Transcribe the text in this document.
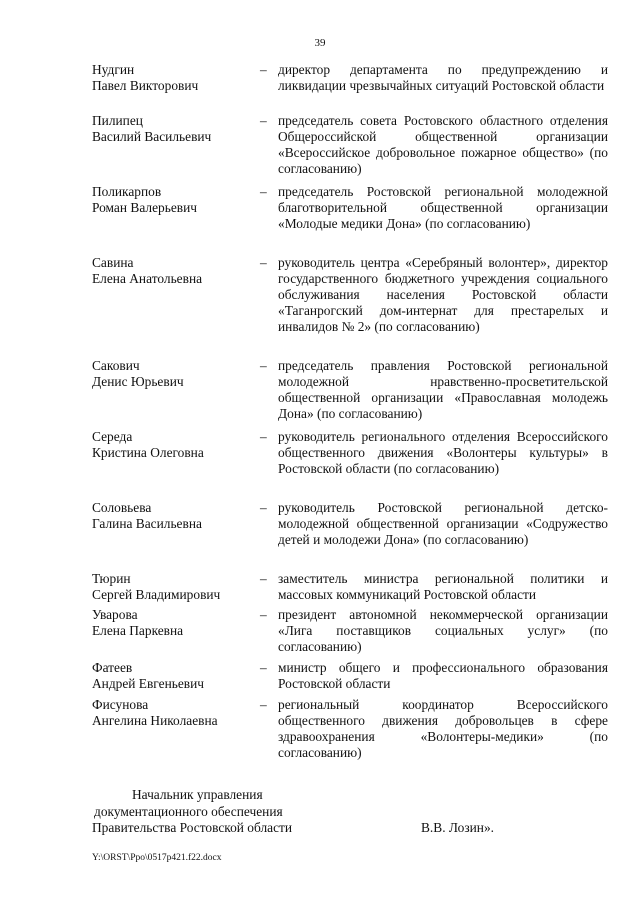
39
Нудгин
Павел Викторович
– директор департамента по предупреждению и ликвидации чрезвычайных ситуаций Ростовской области
Пилипец
Василий Васильевич
– председатель совета Ростовского областного отделения Общероссийской общественной организации «Всероссийское добровольное пожарное общество» (по согласованию)
Поликарпов
Роман Валерьевич
– председатель Ростовской региональной молодежной благотворительной общественной организации «Молодые медики Дона» (по согласованию)
Савина
Елена Анатольевна
– руководитель центра «Серебряный волонтер», директор государственного бюджетного учреждения социального обслуживания населения Ростовской области «Таганрогский дом-интернат для престарелых и инвалидов № 2» (по согласованию)
Сакович
Денис Юрьевич
– председатель правления Ростовской региональной молодежной нравственно-просветительской общественной организации «Православная молодежь Дона» (по согласованию)
Середа
Кристина Олеговна
– руководитель регионального отделения Всероссийского общественного движения «Волонтеры культуры» в Ростовской области (по согласованию)
Соловьева
Галина Васильевна
– руководитель Ростовской региональной детско-молодежной общественной организации «Содружество детей и молодежи Дона» (по согласованию)
Тюрин
Сергей Владимирович
– заместитель министра региональной политики и массовых коммуникаций Ростовской области
Уварова
Елена Паркевна
– президент автономной некоммерческой организации «Лига поставщиков социальных услуг» (по согласованию)
Фатеев
Андрей Евгеньевич
– министр общего и профессионального образования Ростовской области
Фисунова
Ангелина Николаевна
– региональный координатор Всероссийского общественного движения добровольцев в сфере здравоохранения «Волонтеры-медики» (по согласованию)
Начальник управления
документационного обеспечения
Правительства Ростовской области	В.В. Лозин».
Y:\ORST\Ppo\0517p421.f22.docx
